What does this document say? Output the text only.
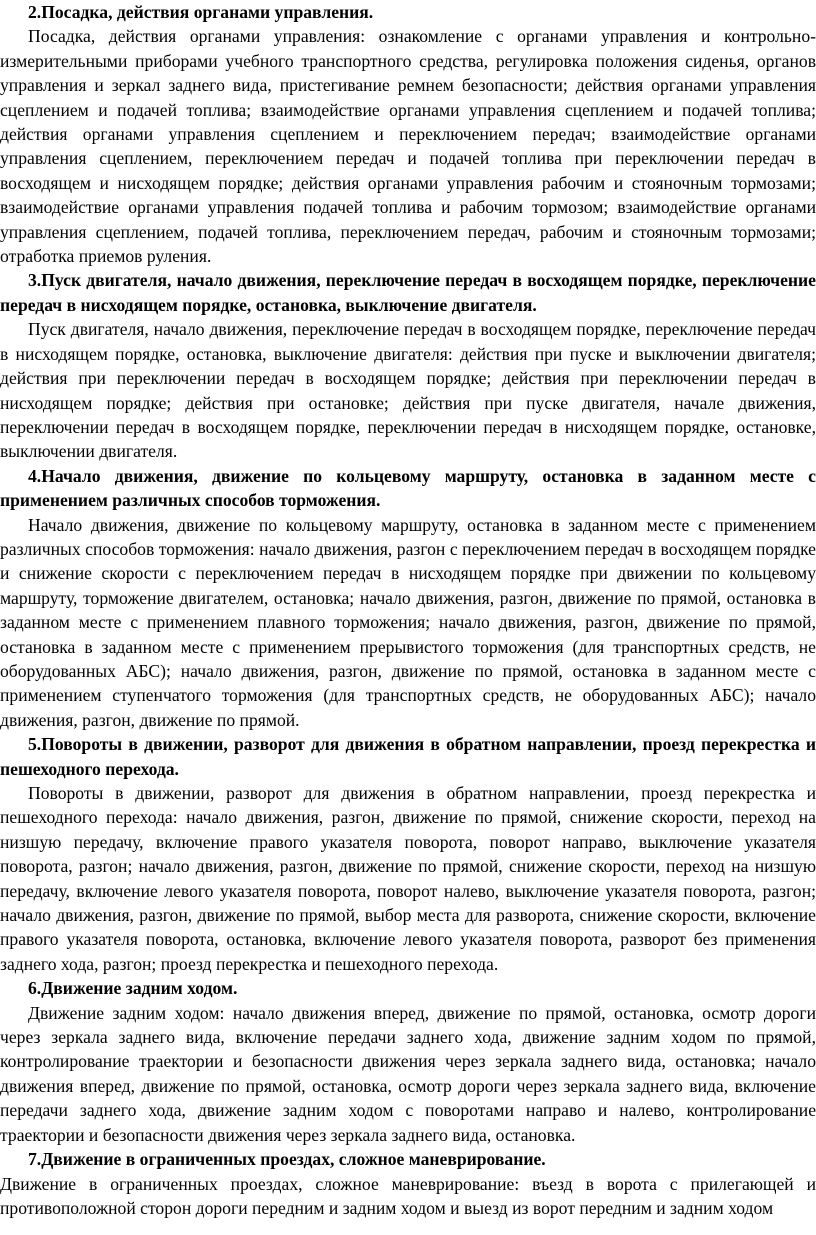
2.Посадка, действия органами управления.

Посадка, действия органами управления: ознакомление с органами управления и контрольно-измерительными приборами учебного транспортного средства, регулировка положения сиденья, органов управления и зеркал заднего вида, пристегивание ремнем безопасности; действия органами управления сцеплением и подачей топлива; взаимодействие органами управления сцеплением и подачей топлива; действия органами управления сцеплением и переключением передач; взаимодействие органами управления сцеплением, переключением передач и подачей топлива при переключении передач в восходящем и нисходящем порядке; действия органами управления рабочим и стояночным тормозами; взаимодействие органами управления подачей топлива и рабочим тормозом; взаимодействие органами управления сцеплением, подачей топлива, переключением передач, рабочим и стояночным тормозами; отработка приемов руления.

3.Пуск двигателя, начало движения, переключение передач в восходящем порядке, переключение передач в нисходящем порядке, остановка, выключение двигателя.

Пуск двигателя, начало движения, переключение передач в восходящем порядке, переключение передач в нисходящем порядке, остановка, выключение двигателя: действия при пуске и выключении двигателя; действия при переключении передач в восходящем порядке; действия при переключении передач в нисходящем порядке; действия при остановке; действия при пуске двигателя, начале движения, переключении передач в восходящем порядке, переключении передач в нисходящем порядке, остановке, выключении двигателя.

4.Начало движения, движение по кольцевому маршруту, остановка в заданном месте с применением различных способов торможения.

Начало движения, движение по кольцевому маршруту, остановка в заданном месте с применением различных способов торможения: начало движения, разгон с переключением передач в восходящем порядке и снижение скорости с переключением передач в нисходящем порядке при движении по кольцевому маршруту, торможение двигателем, остановка; начало движения, разгон, движение по прямой, остановка в заданном месте с применением плавного торможения; начало движения, разгон, движение по прямой, остановка в заданном месте с применением прерывистого торможения (для транспортных средств, не оборудованных АБС); начало движения, разгон, движение по прямой, остановка в заданном месте с применением ступенчатого торможения (для транспортных средств, не оборудованных АБС); начало движения, разгон, движение по прямой.

5.Повороты в движении, разворот для движения в обратном направлении, проезд перекрестка и пешеходного перехода.

Повороты в движении, разворот для движения в обратном направлении, проезд перекрестка и пешеходного перехода: начало движения, разгон, движение по прямой, снижение скорости, переход на низшую передачу, включение правого указателя поворота, поворот направо, выключение указателя поворота, разгон; начало движения, разгон, движение по прямой, снижение скорости, переход на низшую передачу, включение левого указателя поворота, поворот налево, выключение указателя поворота, разгон; начало движения, разгон, движение по прямой, выбор места для разворота, снижение скорости, включение правого указателя поворота, остановка, включение левого указателя поворота, разворот без применения заднего хода, разгон; проезд перекрестка и пешеходного перехода.

6.Движение задним ходом.

Движение задним ходом: начало движения вперед, движение по прямой, остановка, осмотр дороги через зеркала заднего вида, включение передачи заднего хода, движение задним ходом по прямой, контролирование траектории и безопасности движения через зеркала заднего вида, остановка; начало движения вперед, движение по прямой, остановка, осмотр дороги через зеркала заднего вида, включение передачи заднего хода, движение задним ходом с поворотами направо и налево, контролирование траектории и безопасности движения через зеркала заднего вида, остановка.

7.Движение в ограниченных проездах, сложное маневрирование.

Движение в ограниченных проездах, сложное маневрирование: въезд в ворота с прилегающей и противоположной сторон дороги передним и задним ходом и выезд из ворот передним и задним ходом
